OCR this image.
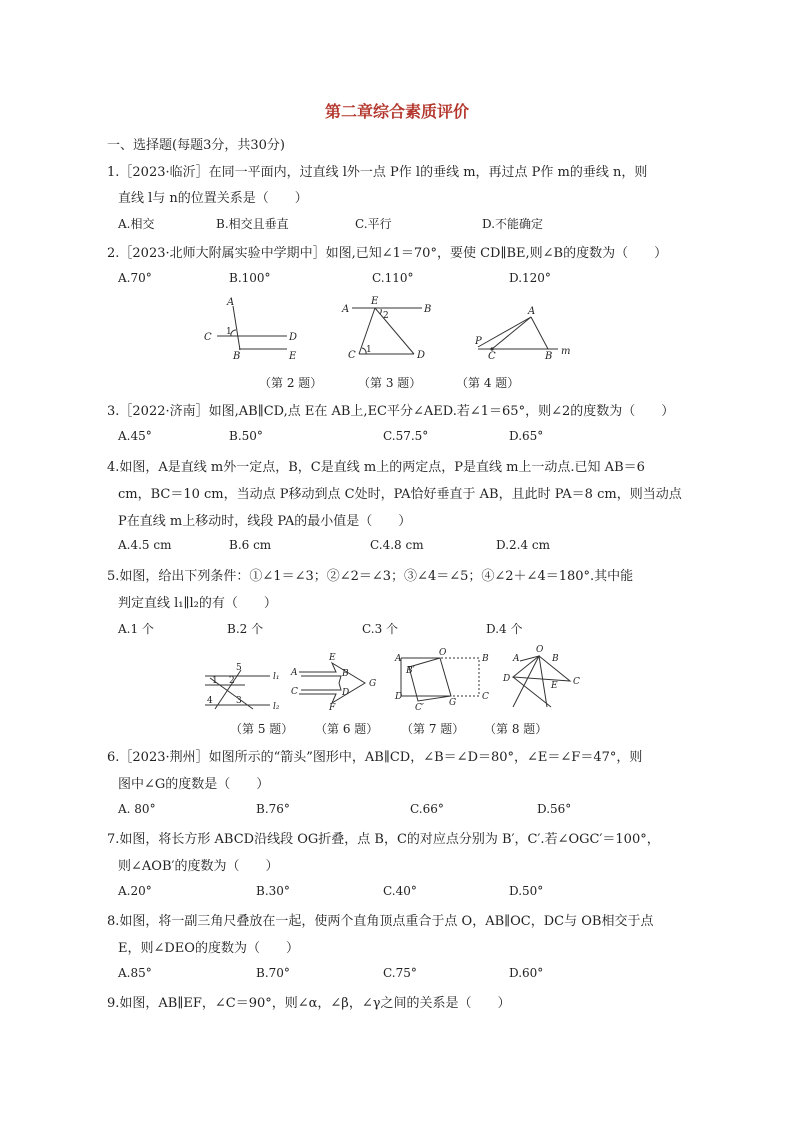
第二章综合素质评价
一、选择题(每题3分，共30分)
1.［2023·临沂］在同一平面内，过直线 l外一点 P作 l的垂线 m，再过点 P作 m的垂线 n，则
直线 l与 n的位置关系是（　　）
A.相交	B.相交且垂直	C.平行	D.不能确定
2.［2023·北师大附属实验中学期中］如图,已知∠1＝70°，要使 CD∥BE,则∠B的度数为（　　）
A.70°	B.100°	C.110°	D.120°
A
C 1	D
B	E
A
E
2
B
C 1	D
A
P
C	B m
（第 2 题）	（第 3 题）	（第 4 题）
3.［2022·济南］如图,AB∥CD,点 E在 AB上,EC平分∠AED.若∠1＝65°，则∠2的度数为（　　）
A.45°	B.50°	C.57.5°	D.65°
4.如图，A是直线 m外一定点，B，C是直线 m上的两定点，P是直线 m上一动点.已知 AB＝6
cm，BC＝10 cm，当动点 P移动到点 C处时，PA恰好垂直于 AB，且此时 PA＝8 cm，则当动点
P在直线 m上移动时，线段 PA的最小值是（　　）
A.4.5 cm	B.6 cm	C.4.8 cm	D.2.4 cm
5.如图，给出下列条件：①∠1＝∠3；②∠2＝∠3；③∠4＝∠5；④∠2＋∠4＝180°.其中能
判定直线 l₁∥l₂的有（　　）
A.1 个	B.2 个	C.3 个	D.4 个
5
1 2	l₁
4	3
l₂
E
A	B
G
C	D
F
A
O
B
B′
D
G
C
C′
A
O
B
D	C
E
（第 5 题） （第 6 题） （第 7 题） （第 8 题）
6.［2023·荆州］如图所示的“箭头”图形中，AB∥CD，∠B＝∠D＝80°，∠E＝∠F＝47°，则
图中∠G的度数是（　　）
A. 80°	B.76°	C.66°	D.56°
7.如图，将长方形 ABCD沿线段 OG折叠，点 B，C的对应点分别为 B′，C′.若∠OGC′＝100°，
则∠AOB′的度数为（　　）
A.20°	B.30°	C.40°	D.50°
8.如图，将一副三角尺叠放在一起，使两个直角顶点重合于点 O，AB∥OC，DC与 OB相交于点
E，则∠DEO的度数为（　　）
A.85°	B.70°	C.75°	D.60°
9.如图，AB∥EF，∠C＝90°，则∠α，∠β，∠γ之间的关系是（　　）
